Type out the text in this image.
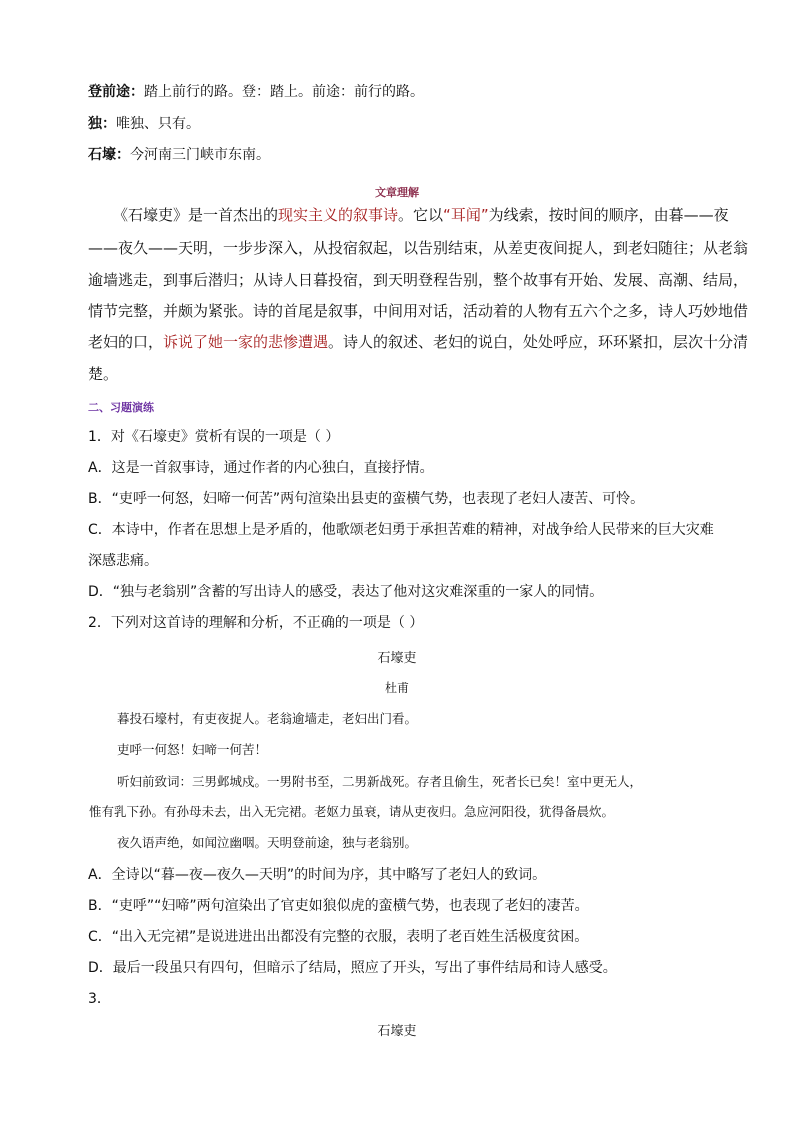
登前途：踏上前行的路。登：踏上。前途：前行的路。
独：唯独、只有。
石壕：今河南三门峡市东南。
文章理解
《石壕吏》是一首杰出的现实主义的叙事诗。它以“耳闻”为线索，按时间的顺序，由暮——夜
——夜久——天明，一步步深入，从投宿叙起，以告别结束，从差吏夜间捉人，到老妇随往；从老翁
逾墙逃走，到事后潜归；从诗人日暮投宿，到天明登程告别，整个故事有开始、发展、高潮、结局，
情节完整，并颇为紧张。诗的首尾是叙事，中间用对话，活动着的人物有五六个之多，诗人巧妙地借
老妇的口，诉说了她一家的悲惨遭遇。诗人的叙述、老妇的说白，处处呼应，环环紧扣，层次十分清
楚。
二、习题演练
1．对《石壕吏》赏析有误的一项是（ ）
A．这是一首叙事诗，通过作者的内心独白，直接抒情。
B．“吏呼一何怒，妇啼一何苦”两句渲染出县吏的蛮横气势，也表现了老妇人凄苦、可怜。
C．本诗中，作者在思想上是矛盾的，他歌颂老妇勇于承担苦难的精神，对战争给人民带来的巨大灾难
深感悲痛。
D．“独与老翁别”含蓄的写出诗人的感受，表达了他对这灾难深重的一家人的同情。
2．下列对这首诗的理解和分析，不正确的一项是（ ）
石壕吏
杜甫
暮投石壕村，有吏夜捉人。老翁逾墙走，老妇出门看。
吏呼一何怒！妇啼一何苦！
听妇前致词：三男邺城戍。一男附书至，二男新战死。存者且偷生，死者长已矣！室中更无人，
惟有乳下孙。有孙母未去，出入无完裙。老妪力虽衰，请从吏夜归。急应河阳役，犹得备晨炊。
夜久语声绝，如闻泣幽咽。天明登前途，独与老翁别。
A．全诗以“暮—夜—夜久—天明”的时间为序，其中略写了老妇人的致词。
B．“吏呼”“妇啼”两句渲染出了官吏如狼似虎的蛮横气势，也表现了老妇的凄苦。
C．“出入无完裙”是说进进出出都没有完整的衣服，表明了老百姓生活极度贫困。
D．最后一段虽只有四句，但暗示了结局，照应了开头，写出了事件结局和诗人感受。
3．
石壕吏
